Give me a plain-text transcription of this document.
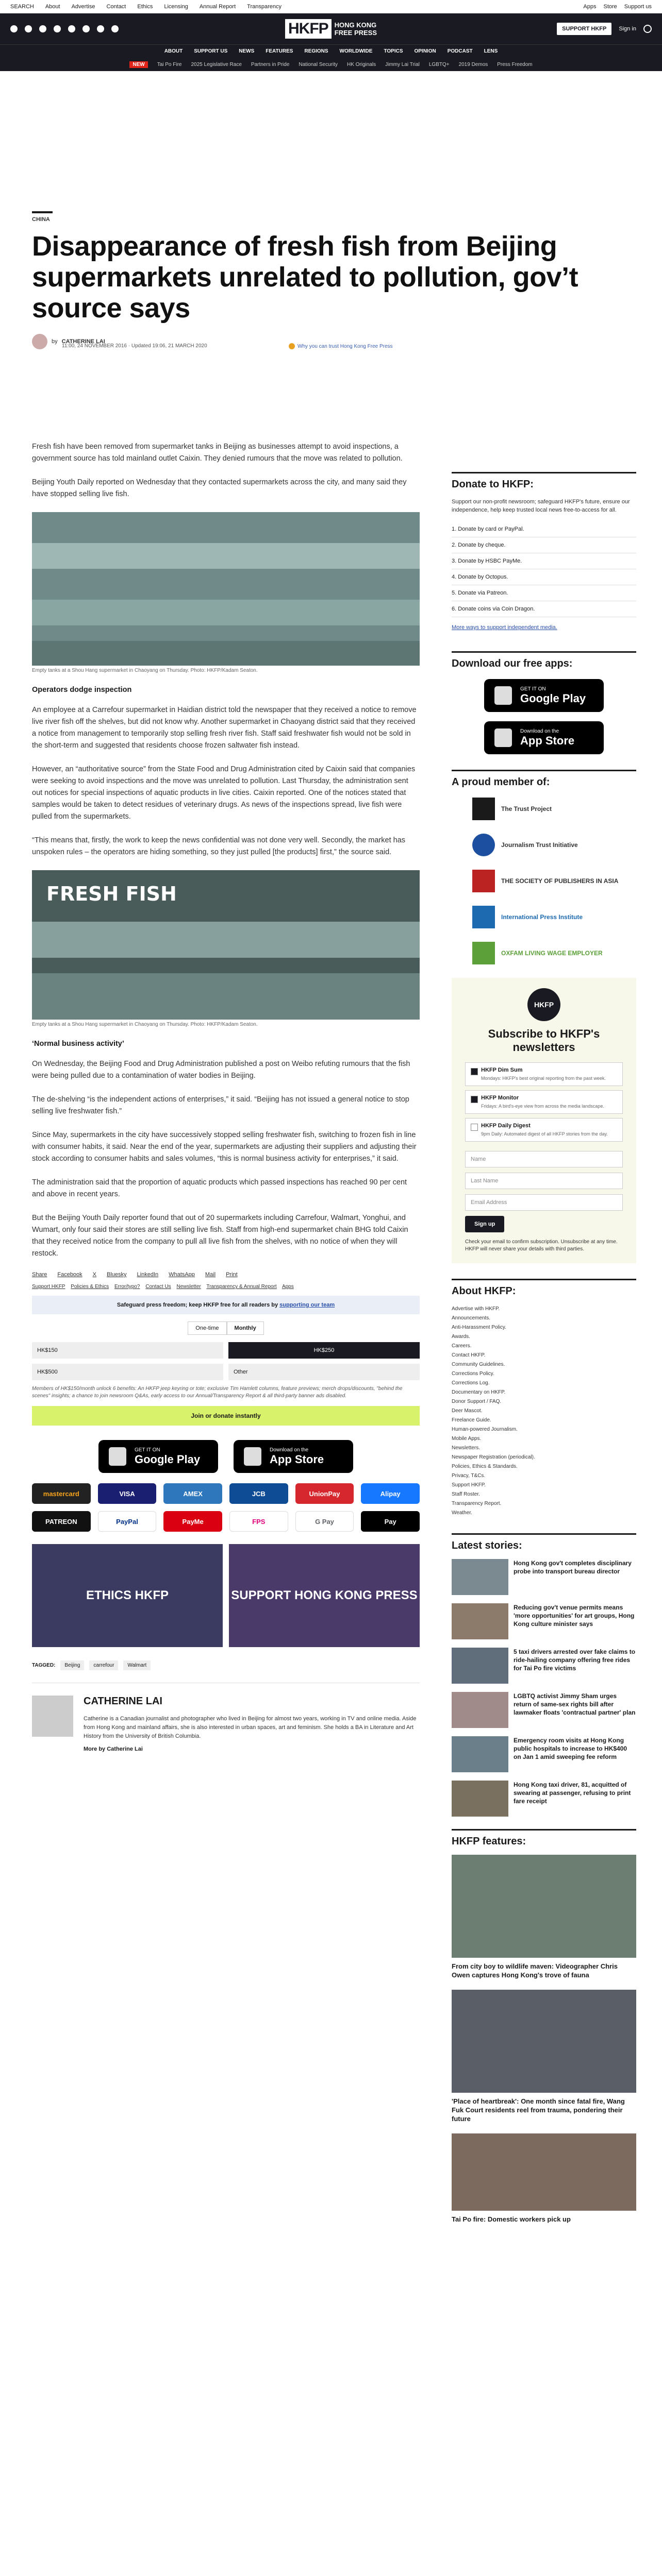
SEARCH About Advertise Contact Ethics Licensing Annual Report Transparency	Apps Store Support us
HKFP HONG KONG
FREE PRESS	SUPPORT HKFP	Sign in
ABOUT SUPPORT US NEWS FEATURES REGIONS WORLDWIDE TOPICS OPINION PODCAST LENS
NEW	Tai Po Fire 2025 Legislative Race Partners in Pride National Security HK Originals Jimmy Lai Trial LGBTQ+ 2019 Demos Press Freedom
CHINA
Disappearance of fresh fish from Beijing supermarkets unrelated to pollution, gov’t source says
by CATHERINE LAI
11:00, 24 NOVEMBER 2016 · Updated 19:06, 21 MARCH 2020	Why you can trust Hong Kong Free Press

Fresh fish have been removed from supermarket tanks in Beijing as businesses attempt to avoid inspections, a government source has told mainland outlet Caixin. They denied rumours that the move was related to pollution.

Beijing Youth Daily reported on Wednesday that they contacted supermarkets across the city, and many said they have stopped selling live fish.

Empty tanks at a Shou Hang supermarket in Chaoyang on Thursday. Photo: HKFP/Kadam Seaton.
Operators dodge inspection

An employee at a Carrefour supermarket in Haidian district told the newspaper that they received a notice to remove live river fish off the shelves, but did not know why. Another supermarket in Chaoyang district said that they received a notice from management to temporarily stop selling fresh river fish. Staff said freshwater fish would not be sold in the short-term and suggested that residents choose frozen saltwater fish instead.

However, an “authoritative source” from the State Food and Drug Administration cited by Caixin said that companies were seeking to avoid inspections and the move was unrelated to pollution. Last Thursday, the administration sent out notices for special inspections of aquatic products in live cities. Caixin reported. One of the notices stated that samples would be taken to detect residues of veterinary drugs. As news of the inspections spread, live fish were pulled from the supermarkets.

“This means that, firstly, the work to keep the news confidential was not done very well. Secondly, the market has unspoken rules – the operators are hiding something, so they just pulled [the products] first,” the source said.

FRESH FISH
Empty tanks at a Shou Hang supermarket in Chaoyang on Thursday. Photo: HKFP/Kadam Seaton.
‘Normal business activity’

On Wednesday, the Beijing Food and Drug Administration published a post on Weibo refuting rumours that the fish were being pulled due to a contamination of water bodies in Beijing.

The de-shelving “is the independent actions of enterprises,” it said. “Beijing has not issued a general notice to stop selling live freshwater fish.”

Since May, supermarkets in the city have successively stopped selling freshwater fish, switching to frozen fish in line with consumer habits, it said. Near the end of the year, supermarkets are adjusting their suppliers and adjusting their stock according to consumer habits and sales volumes, “this is normal business activity for enterprises,” it said.

The administration said that the proportion of aquatic products which passed inspections has reached 90 per cent and above in recent years.

But the Beijing Youth Daily reporter found that out of 20 supermarkets including Carrefour, Walmart, Yonghui, and Wumart, only four said their stores are still selling live fish. Staff from high-end supermarket chain BHG told Caixin that they received notice from the company to pull all live fish from the shelves, with no notice of when they will restock.

Share Facebook X Bluesky LinkedIn WhatsApp Mail Print
Support HKFP Policies & Ethics Error/typo? Contact Us Newsletter Transparency & Annual Report Apps
Safeguard press freedom; keep HKFP free for all readers by supporting our team
One-time	Monthly
HK$150	HK$250
HK$500	Other
Members of HK$150/month unlock 6 benefits: An HKFP jeep keyring or tote; exclusive Tim Hamlett columns, feature previews; merch drops/discounts, "behind the scenes" insights; a chance to join newsroom Q&As, early access to our Annual/Transparency Report & all third-party banner ads disabled.
Join or donate instantly
GET IT ON
Google Play
Download on the
App Store
mastercard	VISA	AMEX	JCB	UnionPay	Alipay
PATREON	PayPal	PayMe	FPS	G Pay	Pay
ETHICS HKFP	SUPPORT HONG KONG PRESS
TAGGED:	Beijing	carrefour	Walmart
CATHERINE LAI

Catherine is a Canadian journalist and photographer who lived in Beijing for almost two years, working in TV and online media. Aside from Hong Kong and mainland affairs, she is also interested in urban spaces, art and feminism. She holds a BA in Literature and Art History from the University of British Columbia.

More by Catherine Lai
Donate to HKFP:

Support our non-profit newsroom; safeguard HKFP's future, ensure our independence, help keep trusted local news free-to-access for all.

1. Donate by card or PayPal.
2. Donate by cheque.
3. Donate by HSBC PayMe.
4. Donate by Octopus.
5. Donate via Patreon.
6. Donate coins via Coin Dragon.
More ways to support independent media.
Download our free apps:
GET IT ON
Google Play
Download on the
App Store
A proud member of:
The Trust Project
Journalism Trust Initiative
THE SOCIETY OF PUBLISHERS IN ASIA
International Press Institute
OXFAM LIVING WAGE EMPLOYER
HKFP
Subscribe to HKFP's newsletters
HKFP Dim Sum
Mondays: HKFP's best original reporting from the past week.
HKFP Monitor
Fridays: A bird's-eye view from across the media landscape.
HKFP Daily Digest
9pm Daily: Automated digest of all HKFP stories from the day.
Name
Last Name
Email Address
Sign up

Check your email to confirm subscription. Unsubscribe at any time. HKFP will never share your details with third parties.

About HKFP:
Advertise with HKFP.
Announcements.
Anti-Harassment Policy.
Awards.
Careers.
Contact HKFP.
Community Guidelines.
Corrections Policy.
Corrections Log.
Documentary on HKFP.
Donor Support / FAQ.
Deer Mascot.
Freelance Guide.
Human-powered Journalism.
Mobile Apps.
Newsletters.
Newspaper Registration (periodical).
Policies, Ethics & Standards.
Privacy, T&Cs.
Support HKFP.
Staff Roster.
Transparency Report.
Weather.
Latest stories:
Hong Kong gov't completes disciplinary probe into transport bureau director
Reducing gov't venue permits means 'more opportunities' for art groups, Hong Kong culture minister says
5 taxi drivers arrested over fake claims to ride-hailing company offering free rides for Tai Po fire victims
LGBTQ activist Jimmy Sham urges return of same-sex rights bill after lawmaker floats 'contractual partner' plan
Emergency room visits at Hong Kong public hospitals to increase to HK$400 on Jan 1 amid sweeping fee reform
Hong Kong taxi driver, 81, acquitted of swearing at passenger, refusing to print fare receipt
HKFP features:
From city boy to wildlife maven: Videographer Chris Owen captures Hong Kong's trove of fauna
'Place of heartbreak': One month since fatal fire, Wang Fuk Court residents reel from trauma, pondering their future
Tai Po fire: Domestic workers pick up
